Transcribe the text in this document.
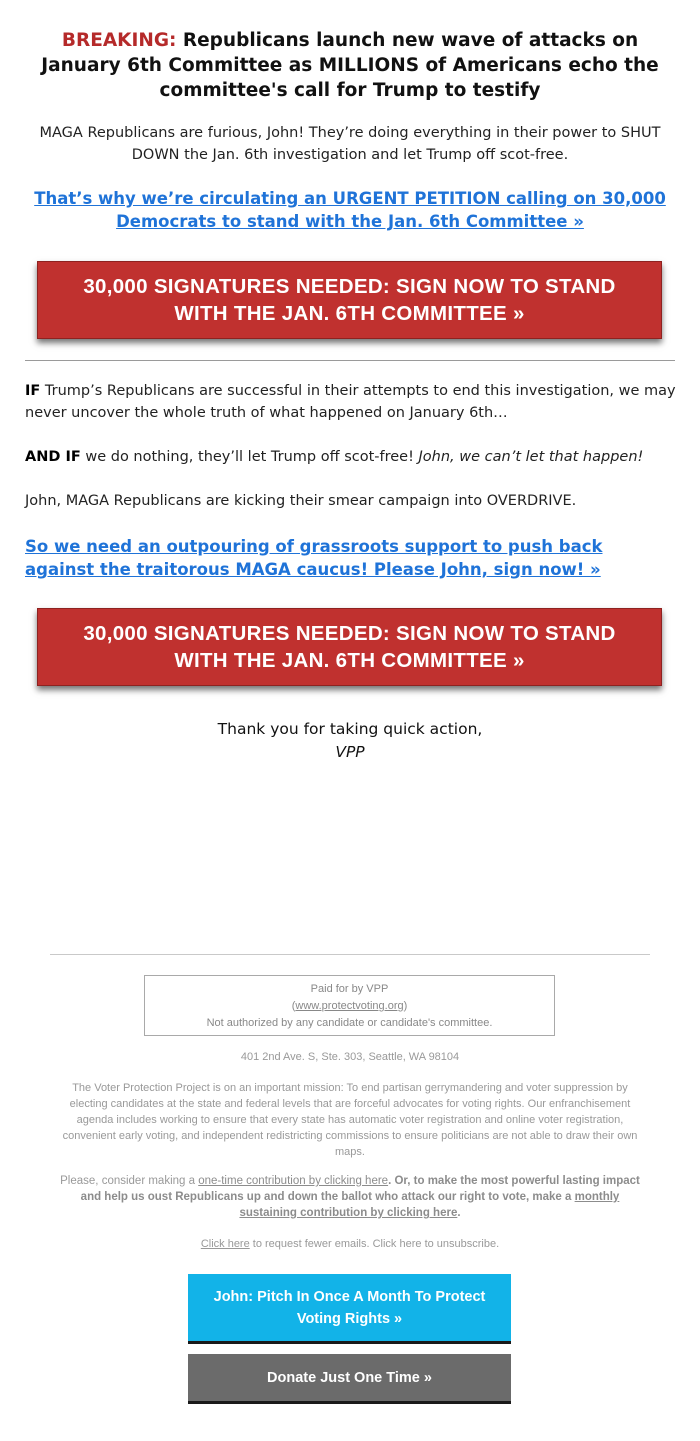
BREAKING: Republicans launch new wave of attacks on January 6th Committee as MILLIONS of Americans echo the committee's call for Trump to testify
MAGA Republicans are furious, John! They’re doing everything in their power to SHUT DOWN the Jan. 6th investigation and let Trump off scot-free.
That’s why we’re circulating an URGENT PETITION calling on 30,000 Democrats to stand with the Jan. 6th Committee »
30,000 SIGNATURES NEEDED: SIGN NOW TO STAND WITH THE JAN. 6TH COMMITTEE »
IF Trump’s Republicans are successful in their attempts to end this investigation, we may never uncover the whole truth of what happened on January 6th…
AND IF we do nothing, they’ll let Trump off scot-free! John, we can’t let that happen!
John, MAGA Republicans are kicking their smear campaign into OVERDRIVE.
So we need an outpouring of grassroots support to push back against the traitorous MAGA caucus! Please John, sign now! »
30,000 SIGNATURES NEEDED: SIGN NOW TO STAND WITH THE JAN. 6TH COMMITTEE »
Thank you for taking quick action,
VPP
Paid for by VPP
(www.protectvoting.org)
Not authorized by any candidate or candidate's committee.
401 2nd Ave. S, Ste. 303, Seattle, WA 98104
The Voter Protection Project is on an important mission: To end partisan gerrymandering and voter suppression by electing candidates at the state and federal levels that are forceful advocates for voting rights. Our enfranchisement agenda includes working to ensure that every state has automatic voter registration and online voter registration, convenient early voting, and independent redistricting commissions to ensure politicians are not able to draw their own maps.
Please, consider making a one-time contribution by clicking here. Or, to make the most powerful lasting impact and help us oust Republicans up and down the ballot who attack our right to vote, make a monthly sustaining contribution by clicking here.
Click here to request fewer emails. Click here to unsubscribe.
John: Pitch In Once A Month To Protect Voting Rights »
Donate Just One Time »
